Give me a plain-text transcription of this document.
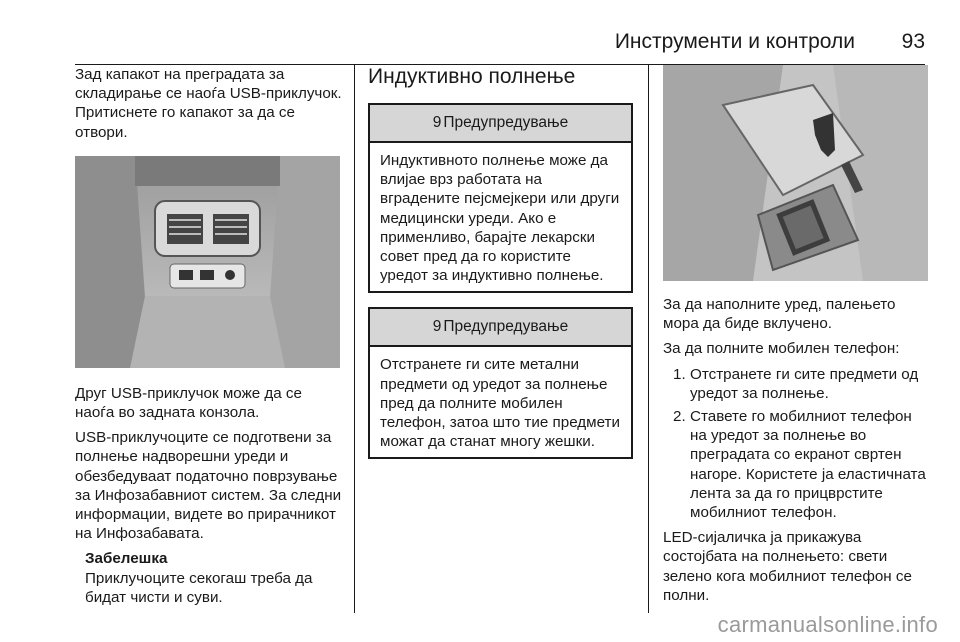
Инструменти и контроли 93

Зад капакот на преградата за складирање се наоѓа USB-приклучок. Притиснете го капакот за да се отвори.

Друг USB-приклучок може да се наоѓа во задната конзола.

USB-приклучоците се подготвени за полнење надворешни уреди и обезбедуваат податочно поврзување за Инфозабавниот систем. За следни информации, видете во прирачникот на Инфозабавата.

Забелешка
Приклучоците секогаш треба да бидат чисти и суви.
Индуктивно полнење
9 Предупредување
Индуктивното полнење може да влијае врз работата на вградените пејсмејкери или други медицински уреди. Ако е применливо, барајте лекарски совет пред да го користите уредот за индуктивно полнење.
9 Предупредување
Отстранете ги сите метални предмети од уредот за полнење пред да полните мобилен телефон, затоа што тие предмети можат да станат многу жешки.

За да наполните уред, палењето мора да биде вклучено.

За да полните мобилен телефон:

1. Отстранете ги сите предмети од уредот за полнење.
2. Ставете го мобилниот телефон на уредот за полнење во преградата со екранот свртен нагоре. Користете ја еластичната лента за да го прицврстите мобилниот телефон.

LED-сијаличка ја прикажува состојбата на полнењето: свети зелено кога мобилниот телефон се полни.

carmanualsonline.info
